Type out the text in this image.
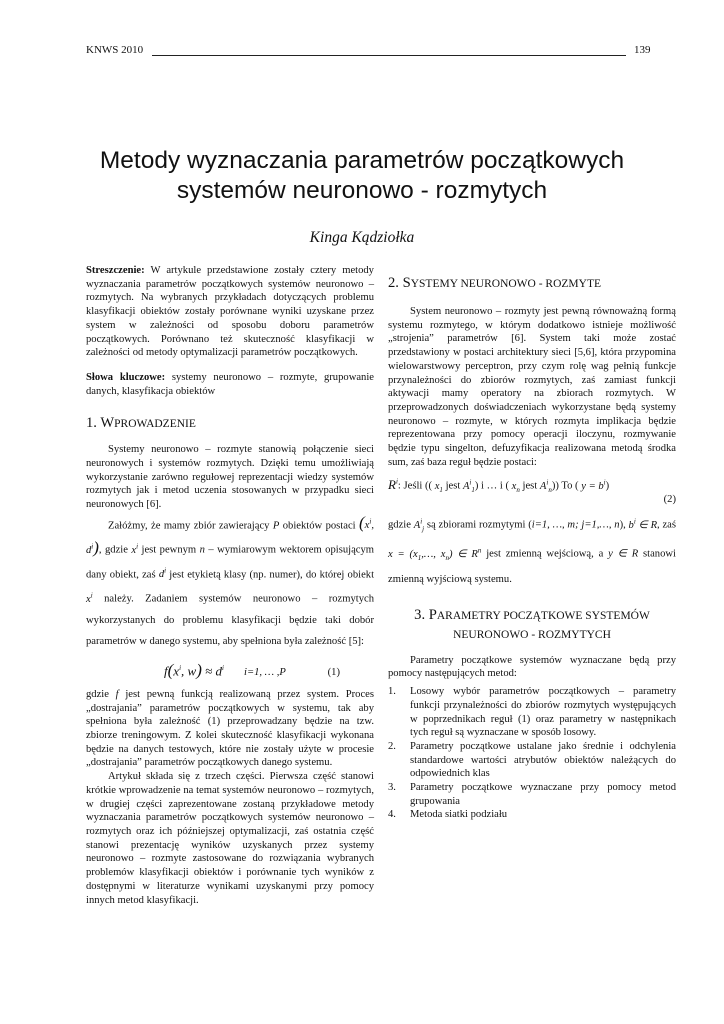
KNWS 2010	139
Metody wyznaczania parametrów początkowych systemów neuronowo - rozmytych
Kinga Kądziołka

Streszczenie: W artykule przedstawione zostały cztery metody wyznaczania parametrów początkowych systemów neuronowo – rozmytych. Na wybranych przykładach dotyczących problemu klasyfikacji obiektów zostały porównane wyniki uzyskane przez system w zależności od sposobu doboru parametrów początkowych. Porównano też skuteczność klasyfikacji w zależności od metody optymalizacji parametrów początkowych.

Słowa kluczowe: systemy neuronowo – rozmyte, grupowanie danych, klasyfikacja obiektów

1. WPROWADZENIE

Systemy neuronowo – rozmyte stanowią połączenie sieci neuronowych i systemów rozmytych. Dzięki temu umożliwiają wykorzystanie zarówno regułowej reprezentacji wiedzy systemów rozmytych jak i metod uczenia stosowanych w przypadku sieci neuronowych [6].

Załóżmy, że mamy zbiór zawierający P obiektów postaci ($x^i$, $d^i$), gdzie $x^i$ jest pewnym n – wymiarowym wektorem opisującym dany obiekt, zaś $d^i$ jest etykietą klasy (np. numer), do której obiekt $x^i$ należy. Zadaniem systemów neuronowo – rozmytych wykorzystanych do problemu klasyfikacji będzie taki dobór parametrów w danego systemu, aby spełniona była zależność [5]:

$f(x^i$, $w) \approx d^i$ i=1, … ,P	(1)

gdzie f jest pewną funkcją realizowaną przez system. Proces „dostrajania” parametrów początkowych w systemu, tak aby spełniona była zależność (1) przeprowadzany będzie na tzw. zbiorze treningowym. Z kolei skuteczność klasyfikacji wykonana będzie na danych testowych, które nie zostały użyte w procesie „dostrajania” parametrów początkowych danego systemu.

Artykuł składa się z trzech części. Pierwsza część stanowi krótkie wprowadzenie na temat systemów neuronowo – rozmytych, w drugiej części zaprezentowane zostaną przykładowe metody wyznaczania parametrów początkowych systemów neuronowo – rozmytych oraz ich późniejszej optymalizacji, zaś ostatnia część stanowi prezentację wyników uzyskanych przez systemy neuronowo – rozmyte zastosowane do rozwiązania wybranych problemów klasyfikacji obiektów i porównanie tych wyników z dostępnymi w literaturze wynikami uzyskanymi przy pomocy innych metod klasyfikacji.

2. SYSTEMY NEURONOWO - ROZMYTE

System neuronowo – rozmyty jest pewną równoważną formą systemu rozmytego, w którym dodatkowo istnieje możliwość „strojenia” parametrów [6]. System taki może zostać przedstawiony w postaci architektury sieci [5,6], która przypomina wielowarstwowy perceptron, przy czym rolę wag pełnią funkcje przynależności do zbiorów rozmytych, zaś zamiast funkcji aktywacji mamy operatory na zbiorach rozmytych. W przeprowadzonych doświadczeniach wykorzystane będą systemy neuronowo – rozmyte, w których rozmyta implikacja będzie reprezentowana przy pomocy operacji iloczynu, rozmywanie będzie typu singelton, defuzyfikacja realizowana metodą środka sum, zaś baza reguł będzie postaci:

$R^i$: Jeśli (( $x_1$ jest $A^i_1$) i … i ( $x_n$ jest $A^i_n$)) To ( $y = b^i$)
(2)

gdzie $A^i_j$ są zbiorami rozmytymi (i=1, …, m; j=1,…, n), $b^i$ ∈ R, zaś $x = (x_1,\dots$, $x_n$) ∈ $R^n$ jest zmienną wejściową, a y ∈ R stanowi zmienną wyjściową systemu.

3. PARAMETRY POCZĄTKOWE SYSTEMÓW
NEURONOWO - ROZMYTYCH

Parametry początkowe systemów wyznaczane będą przy pomocy następujących metod:

1. Losowy wybór parametrów początkowych – parametry funkcji przynależności do zbiorów rozmytych występujących w poprzednikach reguł (1) oraz parametry w następnikach tych reguł są wyznaczane w sposób losowy.
2. Parametry początkowe ustalane jako średnie i odchylenia standardowe wartości atrybutów obiektów należących do odpowiednich klas
3. Parametry początkowe wyznaczane przy pomocy metod grupowania
4. Metoda siatki podziału
